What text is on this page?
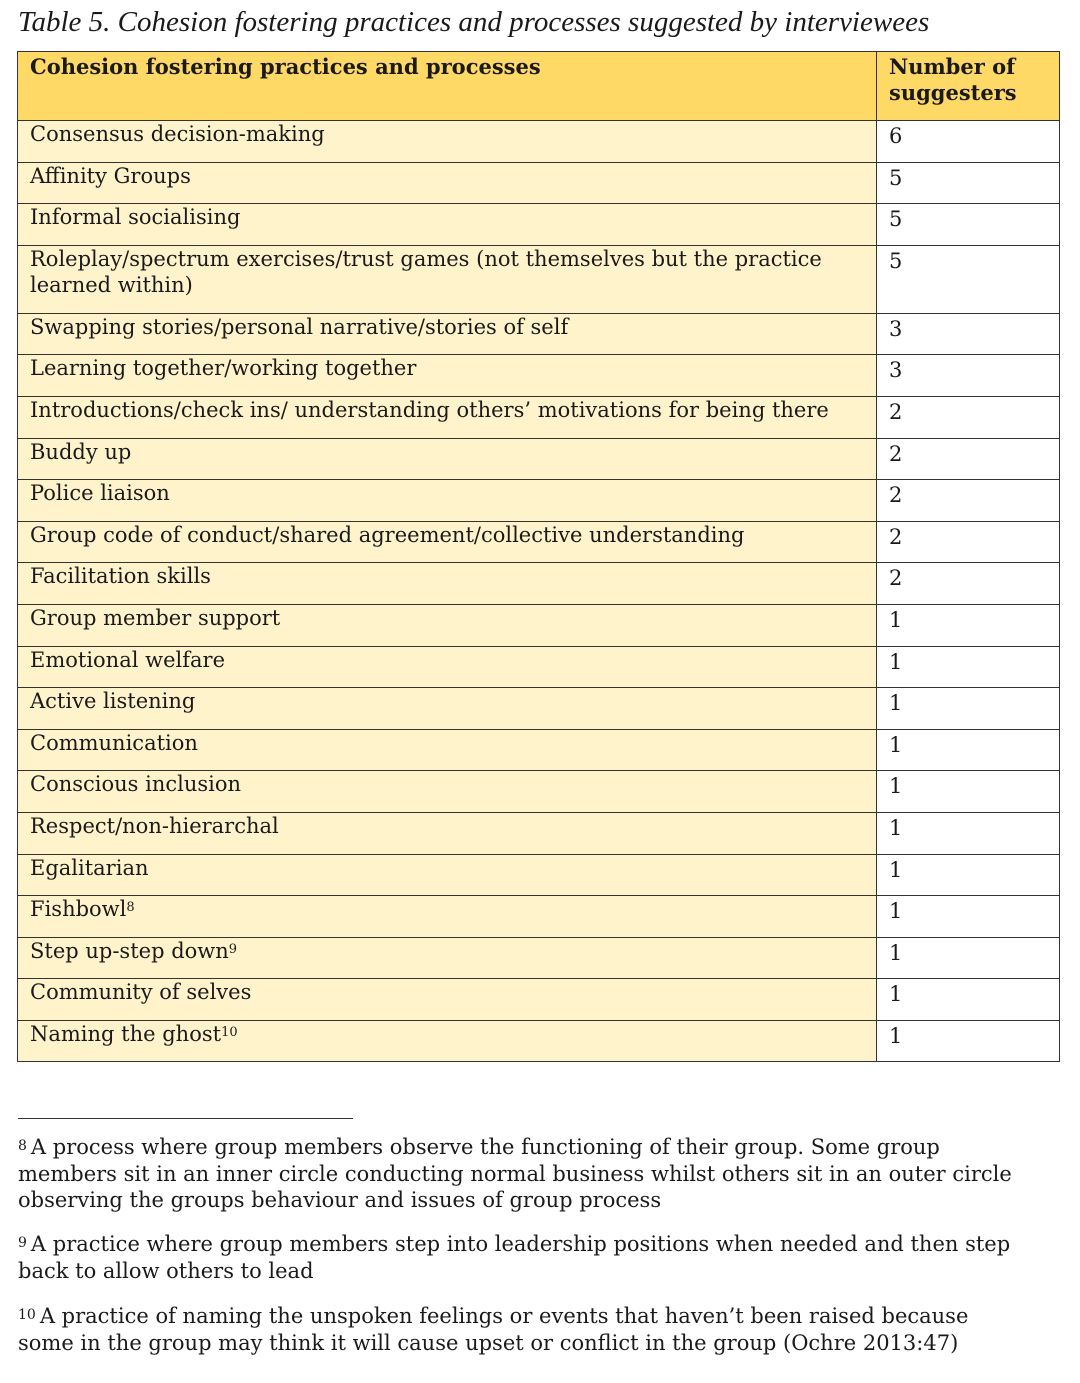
Table 5. Cohesion fostering practices and processes suggested by interviewees
Cohesion fostering practices and processes	Number of suggesters
Consensus decision-making	6
Affinity Groups	5
Informal socialising	5
Roleplay/spectrum exercises/trust games (not themselves but the practice learned within)	5
Swapping stories/personal narrative/stories of self	3
Learning together/working together	3
Introductions/check ins/ understanding others’ motivations for being there	2
Buddy up	2
Police liaison	2
Group code of conduct/shared agreement/collective understanding	2
Facilitation skills	2
Group member support	1
Emotional welfare	1
Active listening	1
Communication	1
Conscious inclusion	1
Respect/non-hierarchal	1
Egalitarian	1
Fishbowl$^8$	1
Step up-step down$^9$	1
Community of selves	1
Naming the ghost$^{10}$	1
$^8$ A process where group members observe the functioning of their group. Some group members sit in an inner circle conducting normal business whilst others sit in an outer circle observing the groups behaviour and issues of group process
$^9$ A practice where group members step into leadership positions when needed and then step back to allow others to lead
$^{10}$ A practice of naming the unspoken feelings or events that haven’t been raised because some in the group may think it will cause upset or conflict in the group (Ochre 2013:47)
